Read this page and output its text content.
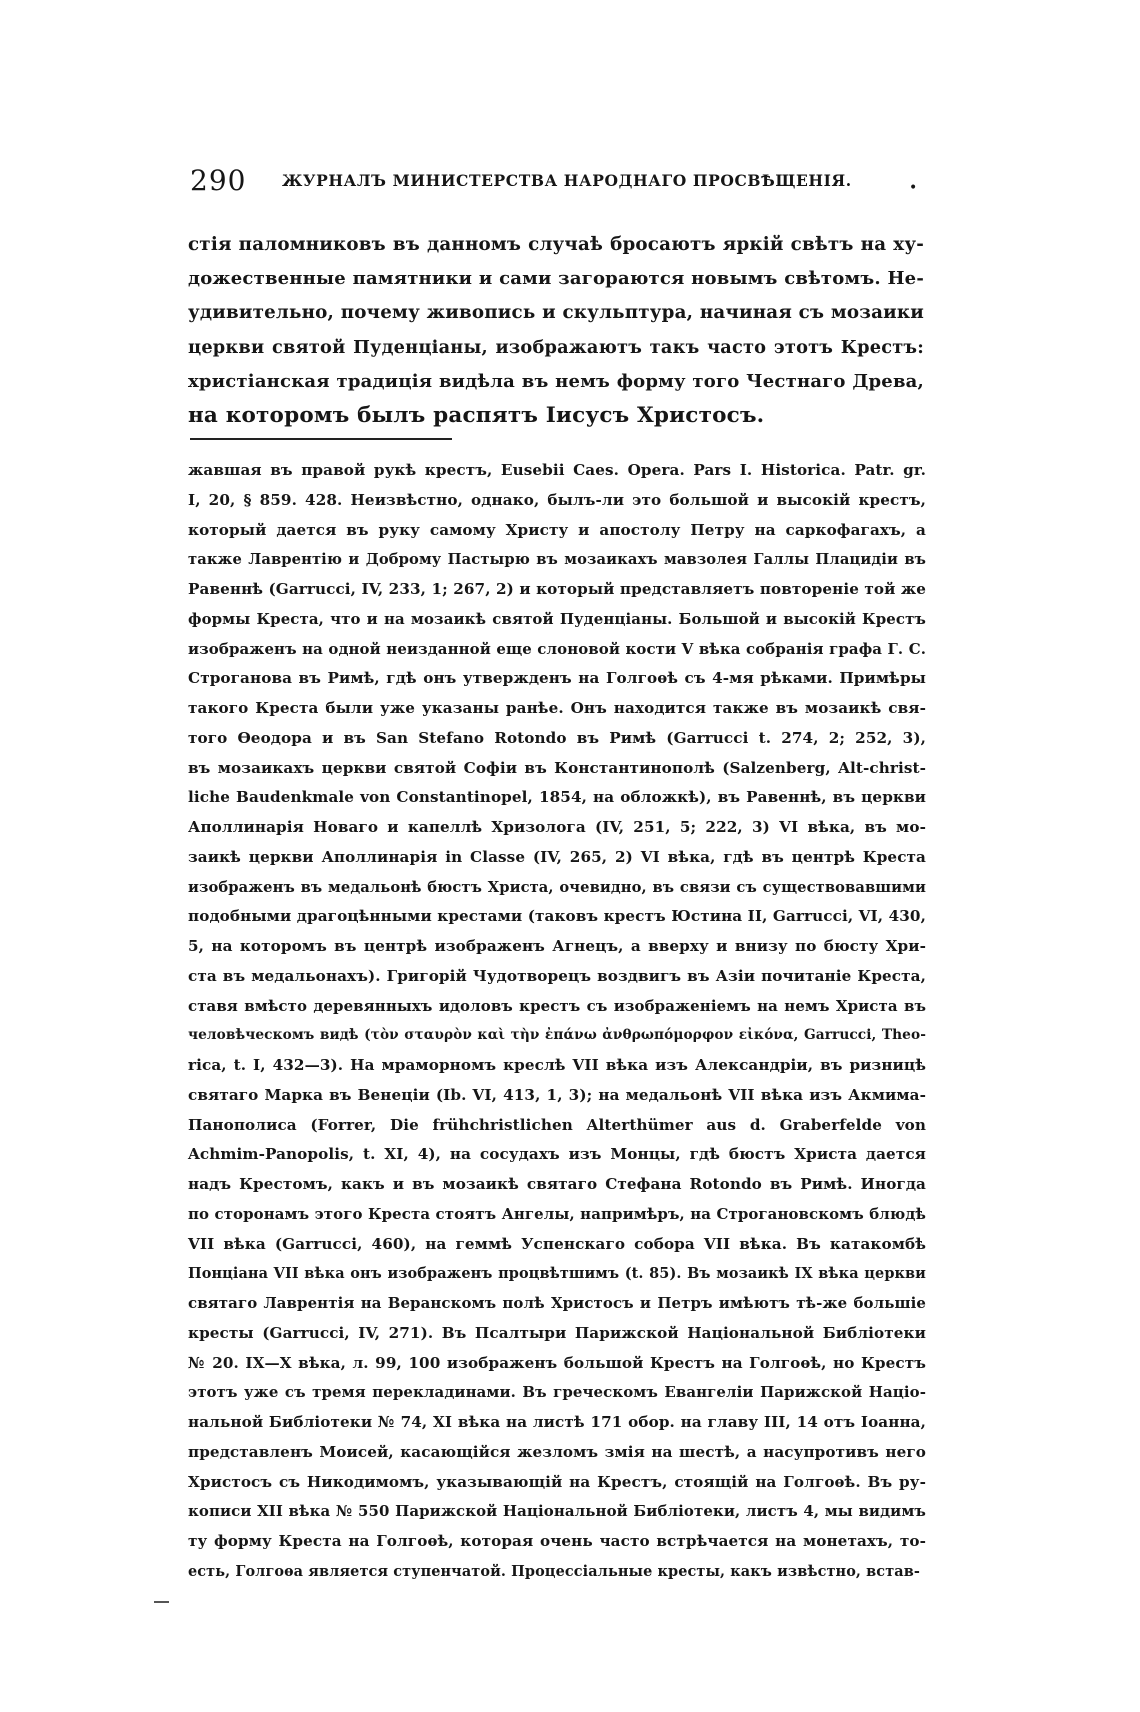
290 ЖУРНАЛЪ МИНИСТЕРСТВА НАРОДНАГО ПРОСВѢЩЕНІЯ.	•
стія паломниковъ въ данномъ случаѣ бросаютъ яркій свѣтъ на ху-
дожественные памятники и сами загораются новымъ свѣтомъ. Не-
удивительно, почему живопись и скульптура, начиная съ мозаики
церкви святой Пуденціаны, изображаютъ такъ часто этотъ Крестъ:
христіанская традиція видѣла въ немъ форму того Честнаго Древа,
на которомъ былъ распятъ Іисусъ Христосъ.
жавшая въ правой рукѣ крестъ, Eusebii Caes. Opera. Pars I. Historica. Patr. gr.
I, 20, § 859. 428. Неизвѣстно, однако, былъ-ли это большой и высокій крестъ,
который дается въ руку самому Христу и апостолу Петру на саркофагахъ, а
также Лаврентію и Доброму Пастырю въ мозаикахъ мавзолея Галлы Плацидіи въ
Равеннѣ (Garrucci, IV, 233, 1; 267, 2) и который представляетъ повтореніе той же
формы Креста, что и на мозаикѣ святой Пуденціаны. Большой и высокій Крестъ
изображенъ на одной неизданной еще слоновой кости V вѣка собранія графа Г. С.
Строганова въ Римѣ, гдѣ онъ утвержденъ на Голгоѳѣ съ 4-мя рѣками. Примѣры
такого Креста были уже указаны ранѣе. Онъ находится также въ мозаикѣ свя-
того Ѳеодора и въ San Stefano Rotondo въ Римѣ (Garrucci t. 274, 2; 252, 3),
въ мозаикахъ церкви святой Софіи въ Константинополѣ (Salzenberg, Alt-christ-
liche Baudenkmale von Constantinopel, 1854, на обложкѣ), въ Равеннѣ, въ церкви
Аполлинарія Новаго и капеллѣ Хризолога (IV, 251, 5; 222, 3) VI вѣка, въ мо-
заикѣ церкви Аполлинарія in Classe (IV, 265, 2) VI вѣка, гдѣ въ центрѣ Креста
изображенъ въ медальонѣ бюстъ Христа, очевидно, въ связи съ существовавшими
подобными драгоцѣнными крестами (таковъ крестъ Юстина II, Garrucci, VI, 430,
5, на которомъ въ центрѣ изображенъ Агнецъ, а вверху и внизу по бюсту Хри-
ста въ медальонахъ). Григорій Чудотворецъ воздвигъ въ Азіи почитаніе Креста,
ставя вмѣсто деревянныхъ идоловъ крестъ съ изображеніемъ на немъ Христа въ
человѣческомъ видѣ (τὸν σταυρὸν καὶ τὴν ἐπάνω ἀνθρωπόμορφον εἰκόνα, Garrucci, Theo-
rica, t. I, 432—3). На мраморномъ креслѣ VII вѣка изъ Александріи, въ ризницѣ
святаго Марка въ Венеціи (Ib. VI, 413, 1, 3); на медальонѣ VII вѣка изъ Акмима-
Панополиса (Forrer, Die frühchristlichen Alterthümer aus d. Graberfelde von
Achmim-Panopolis, t. XI, 4), на сосудахъ изъ Монцы, гдѣ бюстъ Христа дается
надъ Крестомъ, какъ и въ мозаикѣ святаго Стефана Rotondo въ Римѣ. Иногда
по сторонамъ этого Креста стоятъ Ангелы, напримѣръ, на Строгановскомъ блюдѣ
VII вѣка (Garrucci, 460), на геммѣ Успенскаго собора VII вѣка. Въ катакомбѣ
Понціана VII вѣка онъ изображенъ процвѣтшимъ (t. 85). Въ мозаикѣ IX вѣка церкви
святаго Лаврентія на Веранскомъ полѣ Христосъ и Петръ имѣютъ тѣ-же большіе
кресты (Garrucci, IV, 271). Въ Псалтыри Парижской Національной Библіотеки
№ 20. IX—X вѣка, л. 99, 100 изображенъ большой Крестъ на Голгоѳѣ, но Крестъ
этотъ уже съ тремя перекладинами. Въ греческомъ Евангеліи Парижской Націо-
нальной Библіотеки № 74, XI вѣка на листѣ 171 обор. на главу III, 14 отъ Іоанна,
представленъ Моисей, касающійся жезломъ змія на шестѣ, а насупротивъ него
Христосъ съ Никодимомъ, указывающій на Крестъ, стоящій на Голгоѳѣ. Въ ру-
кописи XII вѣка № 550 Парижской Національной Библіотеки, листъ 4, мы видимъ
ту форму Креста на Голгоѳѣ, которая очень часто встрѣчается на монетахъ, то-
есть, Голгоѳа является ступенчатой. Процессіальные кресты, какъ извѣстно, встав-
